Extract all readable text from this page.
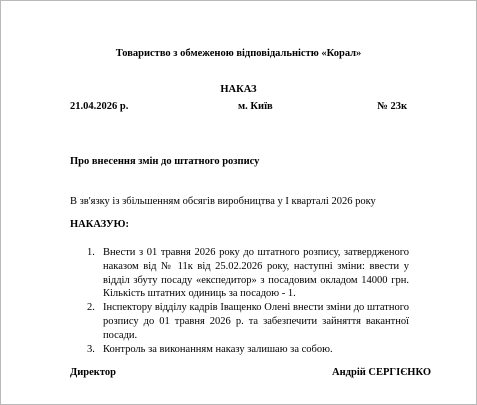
Товариство з обмеженою відповідальністю «Корал»
НАКАЗ
21.04.2026 р.	м. Київ	№ 23к
Про внесення змін до штатного розпису
В зв'язку із збільшенням обсягів виробництва у І кварталі 2026 року
НАКАЗУЮ:
1. Внести з 01 травня 2026 року до штатного розпису, затвердженого наказом від № 11к від 25.02.2026 року, наступні зміни: ввести у відділ збуту посаду «експедитор» з посадовим окладом 14000 грн. Кількість штатних одиниць за посадою - 1.
2. Інспектору відділу кадрів Іващенко Олені внести зміни до штатного розпису до 01 травня 2026 р. та забезпечити зайняття вакантної посади.
3. Контроль за виконанням наказу залишаю за собою.
Директор	Андрій СЕРГІЄНКО
